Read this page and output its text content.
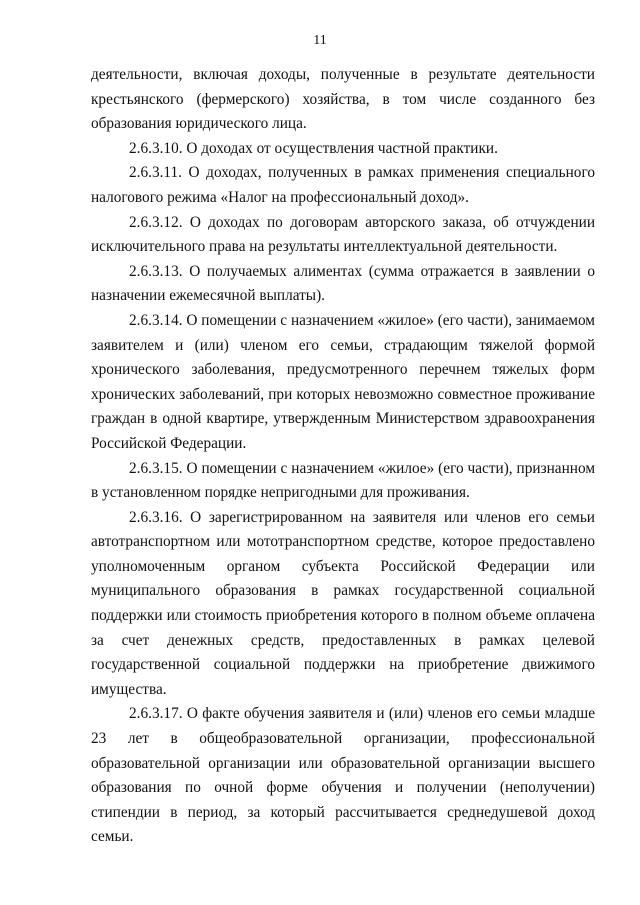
11

деятельности, включая доходы, полученные в результате деятельности крестьянского (фермерского) хозяйства, в том числе созданного без образования юридического лица.

2.6.3.10. О доходах от осуществления частной практики.

2.6.3.11. О доходах, полученных в рамках применения специального налогового режима «Налог на профессиональный доход».

2.6.3.12. О доходах по договорам авторского заказа, об отчуждении исключительного права на результаты интеллектуальной деятельности.

2.6.3.13. О получаемых алиментах (сумма отражается в заявлении о назначении ежемесячной выплаты).

2.6.3.14. О помещении с назначением «жилое» (его части), занимаемом заявителем и (или) членом его семьи, страдающим тяжелой формой хронического заболевания, предусмотренного перечнем тяжелых форм хронических заболеваний, при которых невозможно совместное проживание граждан в одной квартире, утвержденным Министерством здравоохранения Российской Федерации.

2.6.3.15. О помещении с назначением «жилое» (его части), признанном в установленном порядке непригодными для проживания.

2.6.3.16. О зарегистрированном на заявителя или членов его семьи автотранспортном или мототранспортном средстве, которое предоставлено уполномоченным органом субъекта Российской Федерации или муниципального образования в рамках государственной социальной поддержки или стоимость приобретения которого в полном объеме оплачена за счет денежных средств, предоставленных в рамках целевой государственной социальной поддержки на приобретение движимого имущества.

2.6.3.17. О факте обучения заявителя и (или) членов его семьи младше 23 лет в общеобразовательной организации, профессиональной образовательной организации или образовательной организации высшего образования по очной форме обучения и получении (неполучении) стипендии в период, за который рассчитывается среднедушевой доход семьи.
